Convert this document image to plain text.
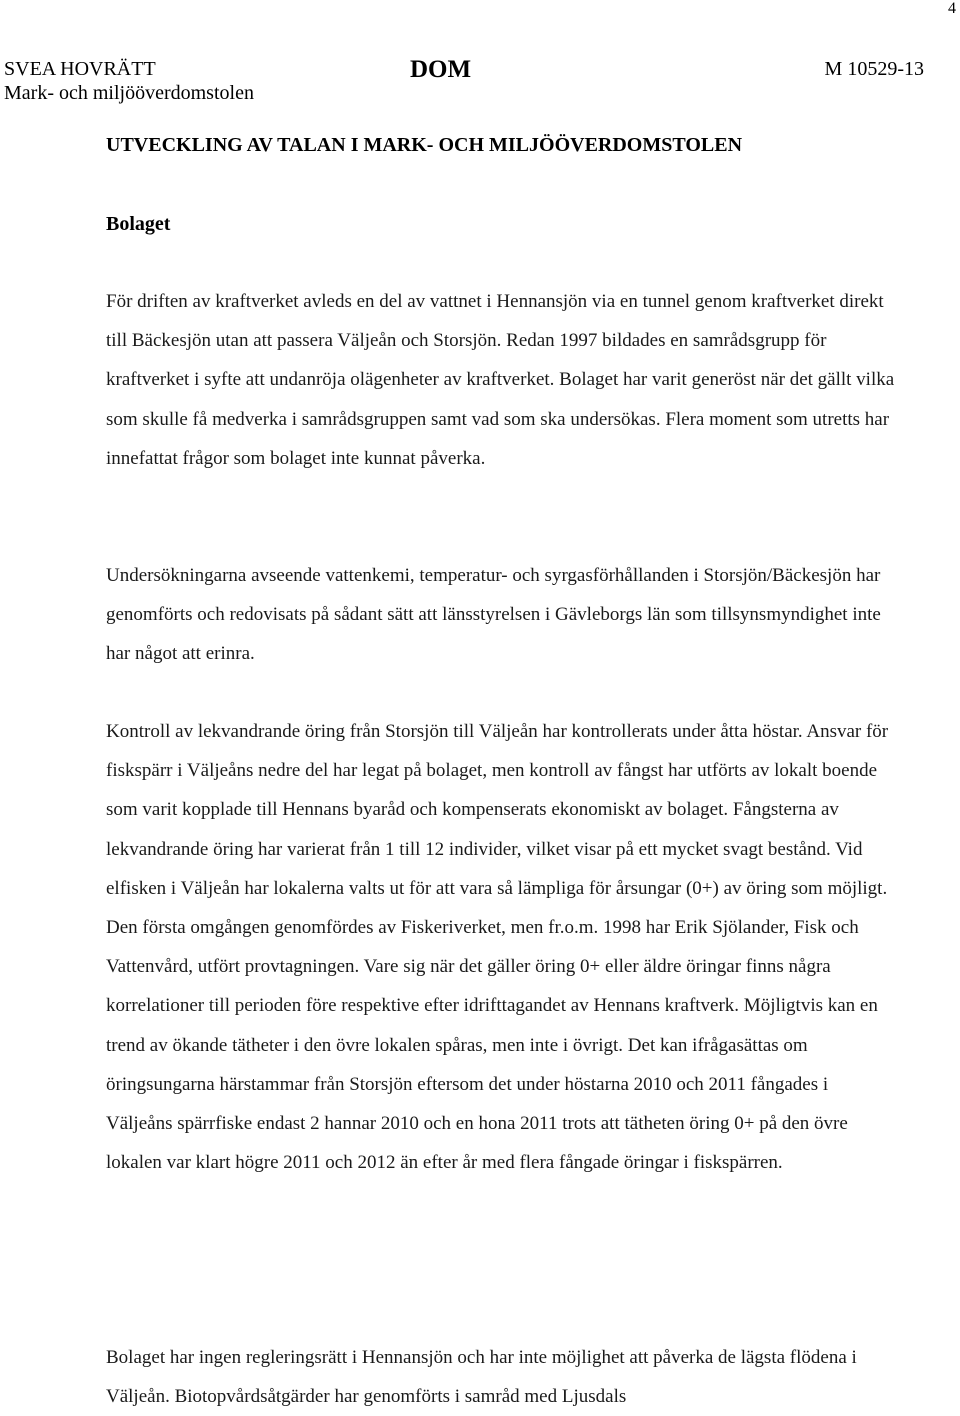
4
SVEA HOVRÄTT
Mark- och miljööverdomstolen
DOM	M 10529-13
UTVECKLING AV TALAN I MARK- OCH MILJÖÖVERDOMSTOLEN
Bolaget

För driften av kraftverket avleds en del av vattnet i Hennansjön via en tunnel genom kraftverket direkt till Bäckesjön utan att passera Väljeån och Storsjön. Redan 1997 bildades en samrådsgrupp för kraftverket i syfte att undanröja olägenheter av kraftverket. Bolaget har varit generöst när det gällt vilka som skulle få medverka i samrådsgruppen samt vad som ska undersökas. Flera moment som utretts har innefattat frågor som bolaget inte kunnat påverka.

Undersökningarna avseende vattenkemi, temperatur- och syrgasförhållanden i Storsjön/Bäckesjön har genomförts och redovisats på sådant sätt att länsstyrelsen i Gävleborgs län som tillsynsmyndighet inte har något att erinra.

Kontroll av lekvandrande öring från Storsjön till Väljeån har kontrollerats under åtta höstar. Ansvar för fiskspärr i Väljeåns nedre del har legat på bolaget, men kontroll av fångst har utförts av lokalt boende som varit kopplade till Hennans byaråd och kompenserats ekonomiskt av bolaget. Fångsterna av lekvandrande öring har varierat från 1 till 12 individer, vilket visar på ett mycket svagt bestånd. Vid elfisken i Väljeån har lokalerna valts ut för att vara så lämpliga för årsungar (0+) av öring som möjligt. Den första omgången genomfördes av Fiskeriverket, men fr.o.m. 1998 har Erik Sjölander, Fisk och Vattenvård, utfört provtagningen. Vare sig när det gäller öring 0+ eller äldre öringar finns några korrelationer till perioden före respektive efter idrifttagandet av Hennans kraftverk. Möjligtvis kan en trend av ökande tätheter i den övre lokalen spåras, men inte i övrigt. Det kan ifrågasättas om öringsungarna härstammar från Storsjön eftersom det under höstarna 2010 och 2011 fångades i Väljeåns spärrfiske endast 2 hannar 2010 och en hona 2011 trots att tätheten öring 0+ på den övre lokalen var klart högre 2011 och 2012 än efter år med flera fångade öringar i fiskspärren.

Bolaget har ingen regleringsrätt i Hennansjön och har inte möjlighet att påverka de lägsta flödena i Väljeån. Biotopvårdsåtgärder har genomförts i samråd med Ljusdals
